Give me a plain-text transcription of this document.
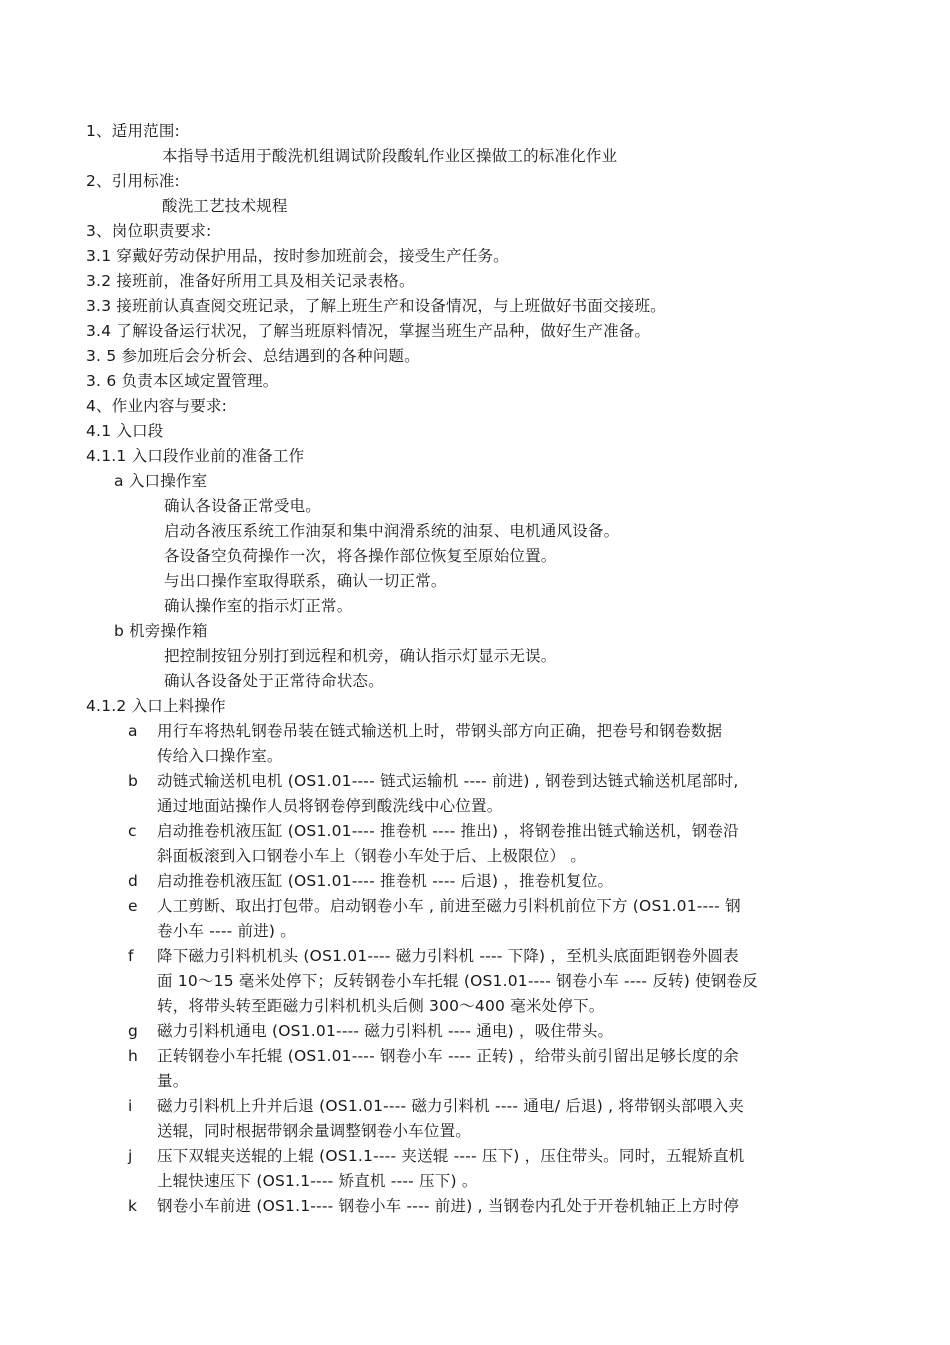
1、适用范围:
本指导书适用于酸洗机组调试阶段酸轧作业区操做工的标准化作业
2、引用标准:
酸洗工艺技术规程
3、岗位职责要求:
3.1 穿戴好劳动保护用品，按时参加班前会，接受生产任务。
3.2 接班前，准备好所用工具及相关记录表格。
3.3 接班前认真查阅交班记录，了解上班生产和设备情况，与上班做好书面交接班。
3.4 了解设备运行状况，了解当班原料情况，掌握当班生产品种，做好生产准备。
3. 5 参加班后会分析会、总结遇到的各种问题。
3. 6 负责本区域定置管理。
4、作业内容与要求:
4.1 入口段
4.1.1 入口段作业前的准备工作
a 入口操作室
确认各设备正常受电。
启动各液压系统工作油泵和集中润滑系统的油泵、电机通风设备。
各设备空负荷操作一次，将各操作部位恢复至原始位置。
与出口操作室取得联系，确认一切正常。
确认操作室的指示灯正常。
b 机旁操作箱
把控制按钮分别打到远程和机旁，确认指示灯显示无误。
确认各设备处于正常待命状态。
4.1.2 入口上料操作
a 用行车将热轧钢卷吊装在链式输送机上时，带钢头部方向正确，把卷号和钢卷数据
传给入口操作室。
b 动链式输送机电机 (OS1.01---- 链式运输机 ---- 前进) , 钢卷到达链式输送机尾部时,
通过地面站操作人员将钢卷停到酸洗线中心位置。
c 启动推卷机液压缸 (OS1.01---- 推卷机 ---- 推出) ，将钢卷推出链式输送机，钢卷沿
斜面板滚到入口钢卷小车上（钢卷小车处于后、上极限位） 。
d 启动推卷机液压缸 (OS1.01---- 推卷机 ---- 后退) ，推卷机复位。
e 人工剪断、取出打包带。启动钢卷小车 , 前进至磁力引料机前位下方 (OS1.01---- 钢
卷小车 ---- 前进) 。
f 降下磁力引料机机头 (OS1.01---- 磁力引料机 ---- 下降) ，至机头底面距钢卷外圆表
面 10～15 毫米处停下；反转钢卷小车托辊 (OS1.01---- 钢卷小车 ---- 反转) 使钢卷反
转，将带头转至距磁力引料机机头后侧 300～400 毫米处停下。
g 磁力引料机通电 (OS1.01---- 磁力引料机 ---- 通电) ，吸住带头。
h 正转钢卷小车托辊 (OS1.01---- 钢卷小车 ---- 正转) ，给带头前引留出足够长度的余
量。
i 磁力引料机上升并后退 (OS1.01---- 磁力引料机 ---- 通电/ 后退) , 将带钢头部喂入夹
送辊，同时根据带钢余量调整钢卷小车位置。
j 压下双辊夹送辊的上辊 (OS1.1---- 夹送辊 ---- 压下) ，压住带头。同时，五辊矫直机
上辊快速压下 (OS1.1---- 矫直机 ---- 压下) 。
k 钢卷小车前进 (OS1.1---- 钢卷小车 ---- 前进) , 当钢卷内孔处于开卷机轴正上方时停
